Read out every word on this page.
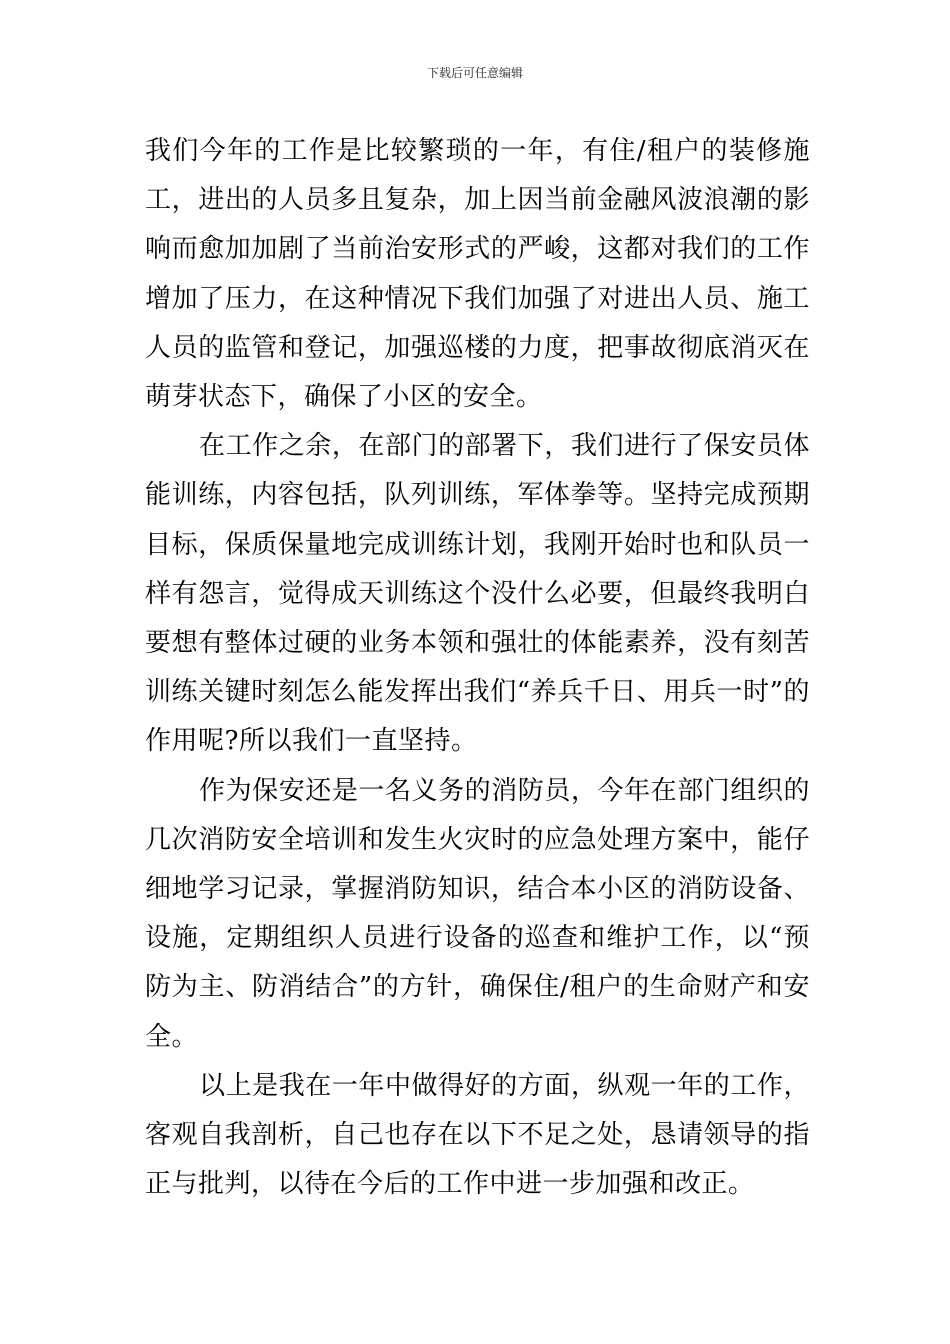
下载后可任意编辑

我们今年的工作是比较繁琐的一年，有住/租户的装修施工，进出的人员多且复杂，加上因当前金融风波浪潮的影响而愈加加剧了当前治安形式的严峻，这都对我们的工作增加了压力，在这种情况下我们加强了对进出人员、施工人员的监管和登记，加强巡楼的力度，把事故彻底消灭在萌芽状态下，确保了小区的安全。

在工作之余，在部门的部署下，我们进行了保安员体能训练，内容包括，队列训练，军体拳等。坚持完成预期目标，保质保量地完成训练计划，我刚开始时也和队员一样有怨言，觉得成天训练这个没什么必要，但最终我明白要想有整体过硬的业务本领和强壮的体能素养，没有刻苦训练关键时刻怎么能发挥出我们“养兵千日、用兵一时”的作用呢?所以我们一直坚持。

作为保安还是一名义务的消防员，今年在部门组织的几次消防安全培训和发生火灾时的应急处理方案中，能仔细地学习记录，掌握消防知识，结合本小区的消防设备、设施，定期组织人员进行设备的巡查和维护工作，以“预防为主、防消结合”的方针，确保住/租户的生命财产和安全。

以上是我在一年中做得好的方面，纵观一年的工作，客观自我剖析，自己也存在以下不足之处，恳请领导的指正与批判，以待在今后的工作中进一步加强和改正。
